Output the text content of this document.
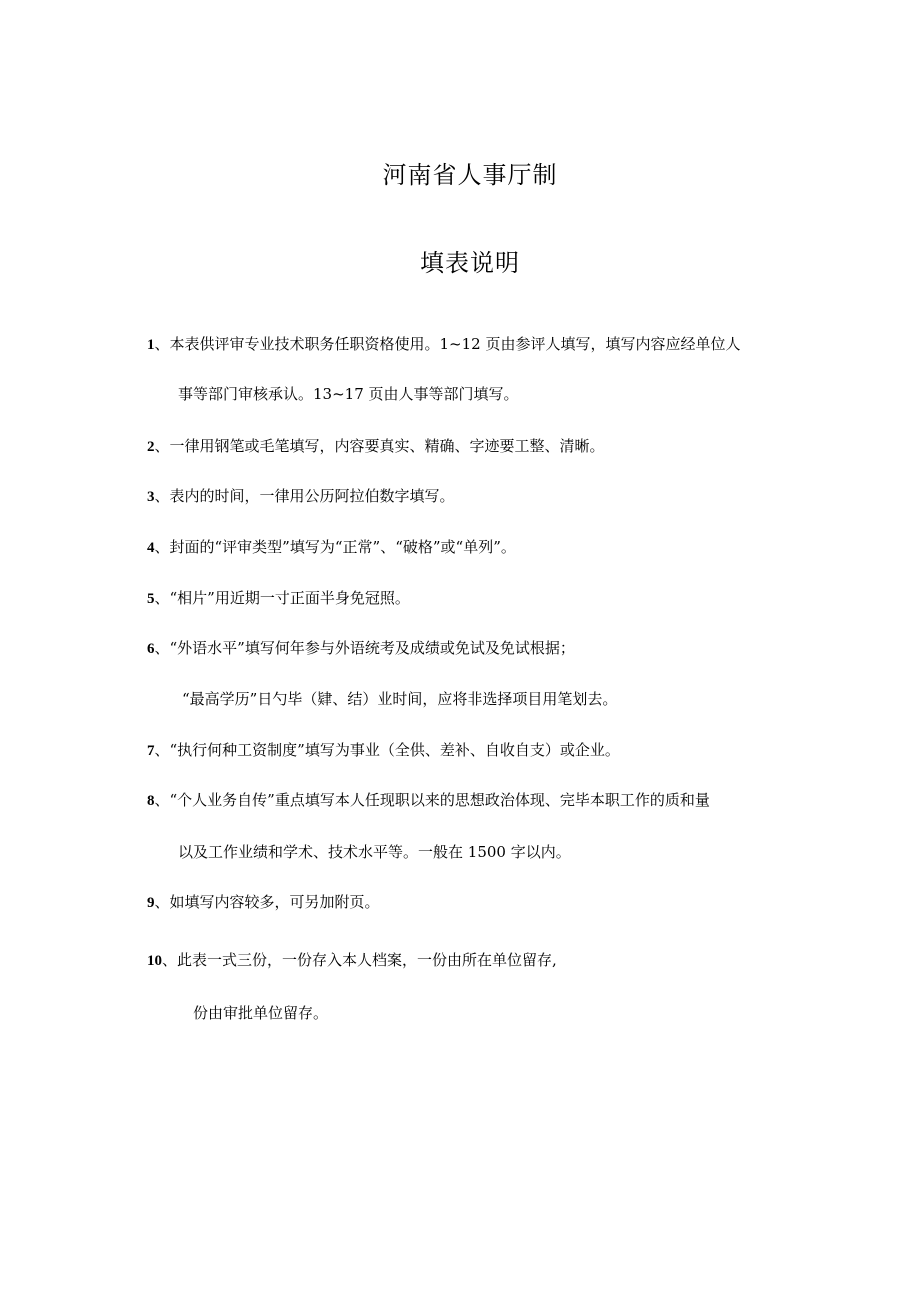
河南省人事厅制
填表说明
1、本表供评审专业技术职务任职资格使用。1~12 页由参评人填写，填写内容应经单位人
事等部门审核承认。13~17 页由人事等部门填写。
2、一律用钢笔或毛笔填写，内容要真实、精确、字迹要工整、清晰。
3、表内的时间，一律用公历阿拉伯数字填写。
4、封面的“评审类型”填写为“正常”、“破格”或“单列”。
5、“相片”用近期一寸正面半身免冠照。
6、“外语水平”填写何年参与外语统考及成绩或免试及免试根据；
“最高学历”日勺毕（肄、结）业时间，应将非选择项目用笔划去。
7、“执行何种工资制度”填写为事业（全供、差补、自收自支）或企业。
8、“个人业务自传”重点填写本人任现职以来的思想政治体现、完毕本职工作的质和量
以及工作业绩和学术、技术水平等。一般在 1500 字以内。
9、如填写内容较多，可另加附页。
10、此表一式三份，一份存入本人档案，一份由所在单位留存,
份由审批单位留存。
